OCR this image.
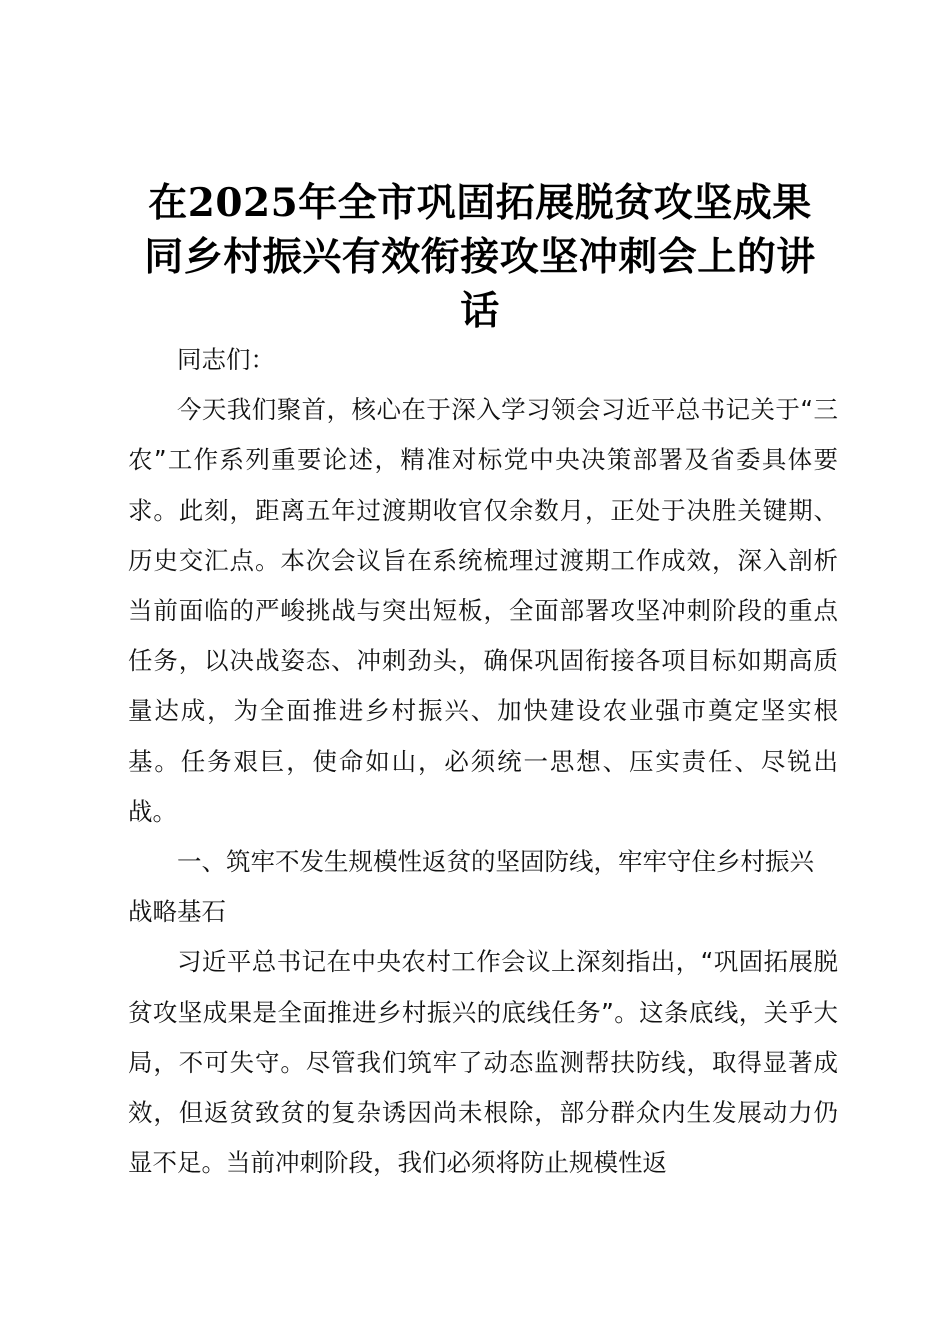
在2025年全市巩固拓展脱贫攻坚成果
同乡村振兴有效衔接攻坚冲刺会上的讲
话

同志们：

今天我们聚首，核心在于深入学习领会习近平总书记关于“三农”工作系列重要论述，精准对标党中央决策部署及省委具体要求。此刻，距离五年过渡期收官仅余数月，正处于决胜关键期、历史交汇点。本次会议旨在系统梳理过渡期工作成效，深入剖析当前面临的严峻挑战与突出短板，全面部署攻坚冲刺阶段的重点任务，以决战姿态、冲刺劲头，确保巩固衔接各项目标如期高质量达成，为全面推进乡村振兴、加快建设农业强市奠定坚实根基。任务艰巨，使命如山，必须统一思想、压实责任、尽锐出战。

一、筑牢不发生规模性返贫的坚固防线，牢牢守住乡村振兴战略基石

习近平总书记在中央农村工作会议上深刻指出，“巩固拓展脱贫攻坚成果是全面推进乡村振兴的底线任务”。这条底线，关乎大局，不可失守。尽管我们筑牢了动态监测帮扶防线，取得显著成效，但返贫致贫的复杂诱因尚未根除，部分群众内生发展动力仍显不足。当前冲刺阶段，我们必须将防止规模性返
